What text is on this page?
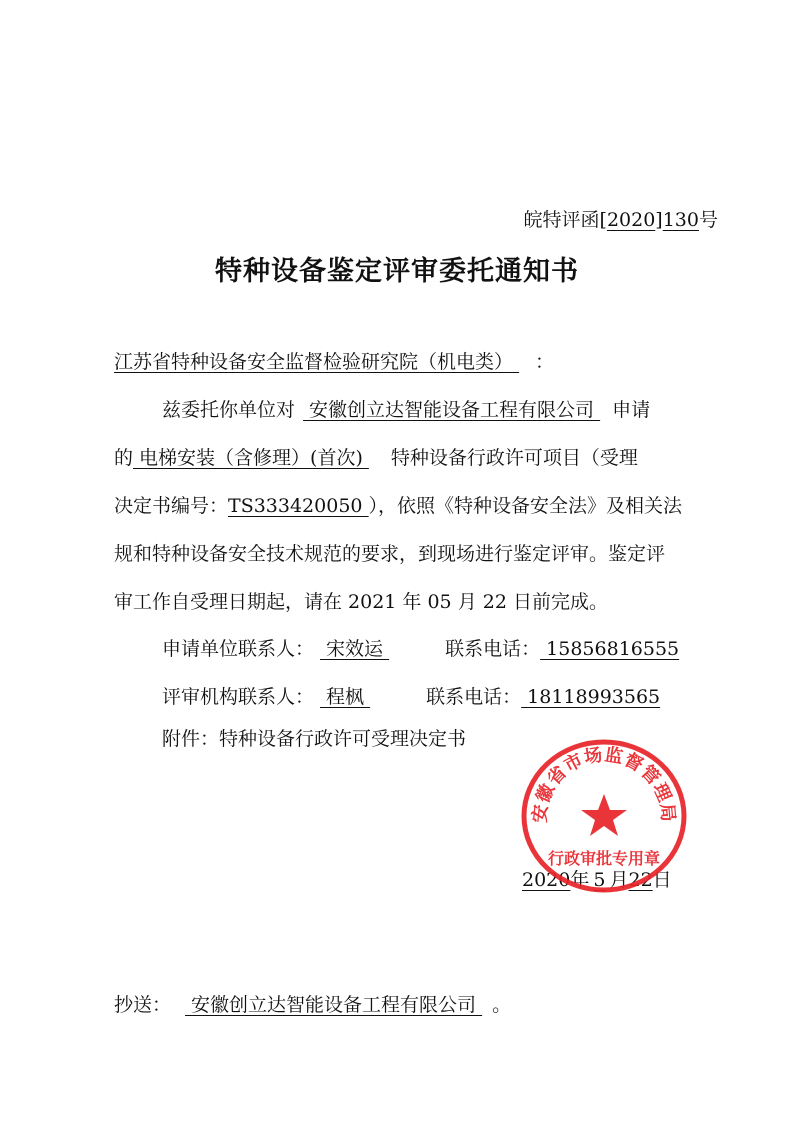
皖特评函[2020]130号
特种设备鉴定评审委托通知书
江苏省特种设备安全监督检验研究院（机电类） ：
兹委托你单位对 安徽创立达智能设备工程有限公司 申请
的 电梯安装（含修理）(首次) 特种设备行政许可项目（受理
决定书编号：TS333420050 ），依照《特种设备安全法》及相关法
规和特种设备安全技术规范的要求，到现场进行鉴定评审。鉴定评
审工作自受理日期起，请在 2021 年 05 月 22 日前完成。
申请单位联系人： 宋效运	联系电话： 15856816555
评审机构联系人： 程枫	联系电话： 18118993565
附件：特种设备行政许可受理决定书
2020年 5 月22日
安徽省市场监督管理局
行政审批专用章
抄送： 安徽创立达智能设备工程有限公司 。
